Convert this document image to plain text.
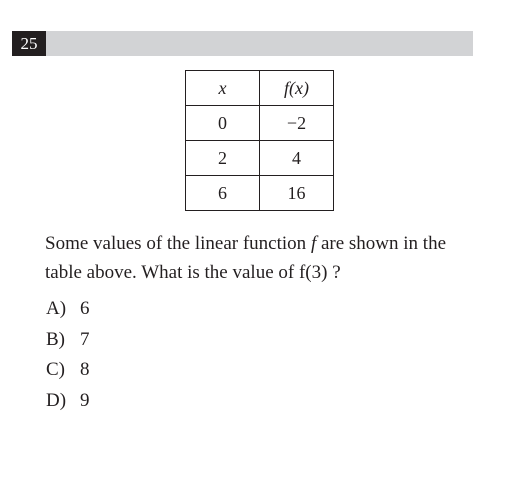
25
x	f(x)
0	−2
2	4
6	16
Some values of the linear function f are shown in the table above. What is the value of f(3) ?
A) 6
B) 7
C) 8
D) 9
